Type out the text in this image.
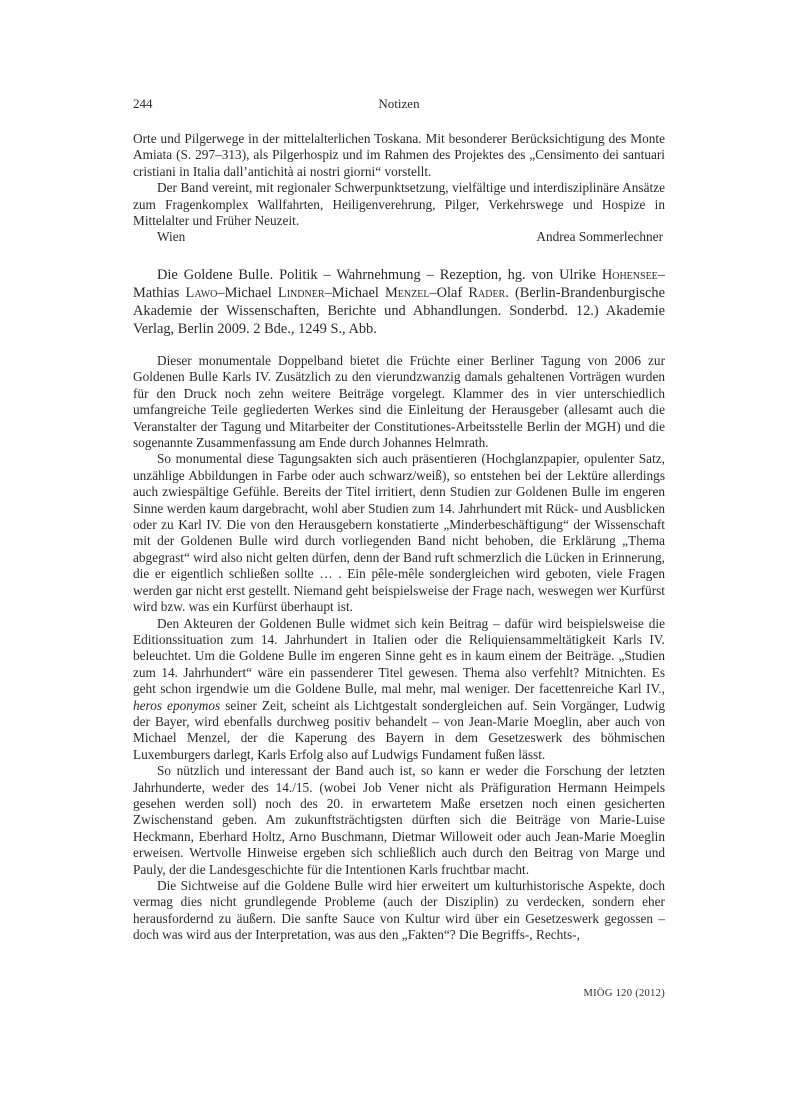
244	Notizen

Orte und Pilgerwege in der mittelalterlichen Toskana. Mit besonderer Berücksichtigung des Monte Amiata (S. 297–313), als Pilgerhospiz und im Rahmen des Projektes des „Censimento dei santuari cristiani in Italia dall’antichità ai nostri giorni“ vorstellt.

Der Band vereint, mit regionaler Schwerpunktsetzung, vielfältige und interdisziplinäre Ansätze zum Fragenkomplex Wallfahrten, Heiligenverehrung, Pilger, Verkehrswege und Hospize in Mittelalter und Früher Neuzeit.

Wien	Andrea Sommerlechner

Die Goldene Bulle. Politik – Wahrnehmung – Rezeption, hg. von Ulrike Hohensee–Mathias Lawo–Michael Lindner–Michael Menzel–Olaf Rader. (Berlin-Brandenburgische Akademie der Wissenschaften, Berichte und Abhandlungen. Sonderbd. 12.) Akademie Verlag, Berlin 2009. 2 Bde., 1249 S., Abb.

Dieser monumentale Doppelband bietet die Früchte einer Berliner Tagung von 2006 zur Goldenen Bulle Karls IV. Zusätzlich zu den vierundzwanzig damals gehaltenen Vorträgen wurden für den Druck noch zehn weitere Beiträge vorgelegt. Klammer des in vier unterschiedlich umfangreiche Teile gegliederten Werkes sind die Einleitung der Herausgeber (allesamt auch die Veranstalter der Tagung und Mitarbeiter der Constitutiones-Arbeitsstelle Berlin der MGH) und die sogenannte Zusammenfassung am Ende durch Johannes Helmrath.

So monumental diese Tagungsakten sich auch präsentieren (Hochglanzpapier, opulenter Satz, unzählige Abbildungen in Farbe oder auch schwarz/weiß), so entstehen bei der Lektüre allerdings auch zwiespältige Gefühle. Bereits der Titel irritiert, denn Studien zur Goldenen Bulle im engeren Sinne werden kaum dargebracht, wohl aber Studien zum 14. Jahrhundert mit Rück- und Ausblicken oder zu Karl IV. Die von den Herausgebern konstatierte „Minderbeschäftigung“ der Wissenschaft mit der Goldenen Bulle wird durch vorliegenden Band nicht behoben, die Erklärung „Thema abgegrast“ wird also nicht gelten dürfen, denn der Band ruft schmerzlich die Lücken in Erinnerung, die er eigentlich schließen sollte … . Ein pêle-mêle sondergleichen wird geboten, viele Fragen werden gar nicht erst gestellt. Niemand geht beispielsweise der Frage nach, weswegen wer Kurfürst wird bzw. was ein Kurfürst überhaupt ist.

Den Akteuren der Goldenen Bulle widmet sich kein Beitrag – dafür wird beispielsweise die Editionssituation zum 14. Jahrhundert in Italien oder die Reliquiensammeltätigkeit Karls IV. beleuchtet. Um die Goldene Bulle im engeren Sinne geht es in kaum einem der Beiträge. „Studien zum 14. Jahrhundert“ wäre ein passenderer Titel gewesen. Thema also verfehlt? Mitnichten. Es geht schon irgendwie um die Goldene Bulle, mal mehr, mal weniger. Der facettenreiche Karl IV., heros eponymos seiner Zeit, scheint als Lichtgestalt sondergleichen auf. Sein Vorgänger, Ludwig der Bayer, wird ebenfalls durchweg positiv behandelt – von Jean-Marie Moeglin, aber auch von Michael Menzel, der die Kaperung des Bayern in dem Gesetzeswerk des böhmischen Luxemburgers darlegt, Karls Erfolg also auf Ludwigs Fundament fußen lässt.

So nützlich und interessant der Band auch ist, so kann er weder die Forschung der letzten Jahrhunderte, weder des 14./15. (wobei Job Vener nicht als Präfiguration Hermann Heimpels gesehen werden soll) noch des 20. in erwartetem Maße ersetzen noch einen gesicherten Zwischenstand geben. Am zukunftsträchtigsten dürften sich die Beiträge von Marie-Luise Heckmann, Eberhard Holtz, Arno Buschmann, Dietmar Willoweit oder auch Jean-Marie Moeglin erweisen. Wertvolle Hinweise ergeben sich schließlich auch durch den Beitrag von Marge und Pauly, der die Landesgeschichte für die Intentionen Karls fruchtbar macht.

Die Sichtweise auf die Goldene Bulle wird hier erweitert um kulturhistorische Aspekte, doch vermag dies nicht grundlegende Probleme (auch der Disziplin) zu verdecken, sondern eher herausfordernd zu äußern. Die sanfte Sauce von Kultur wird über ein Gesetzeswerk gegossen – doch was wird aus der Interpretation, was aus den „Fakten“? Die Begriffs-, Rechts-,

MIÖG 120 (2012)
